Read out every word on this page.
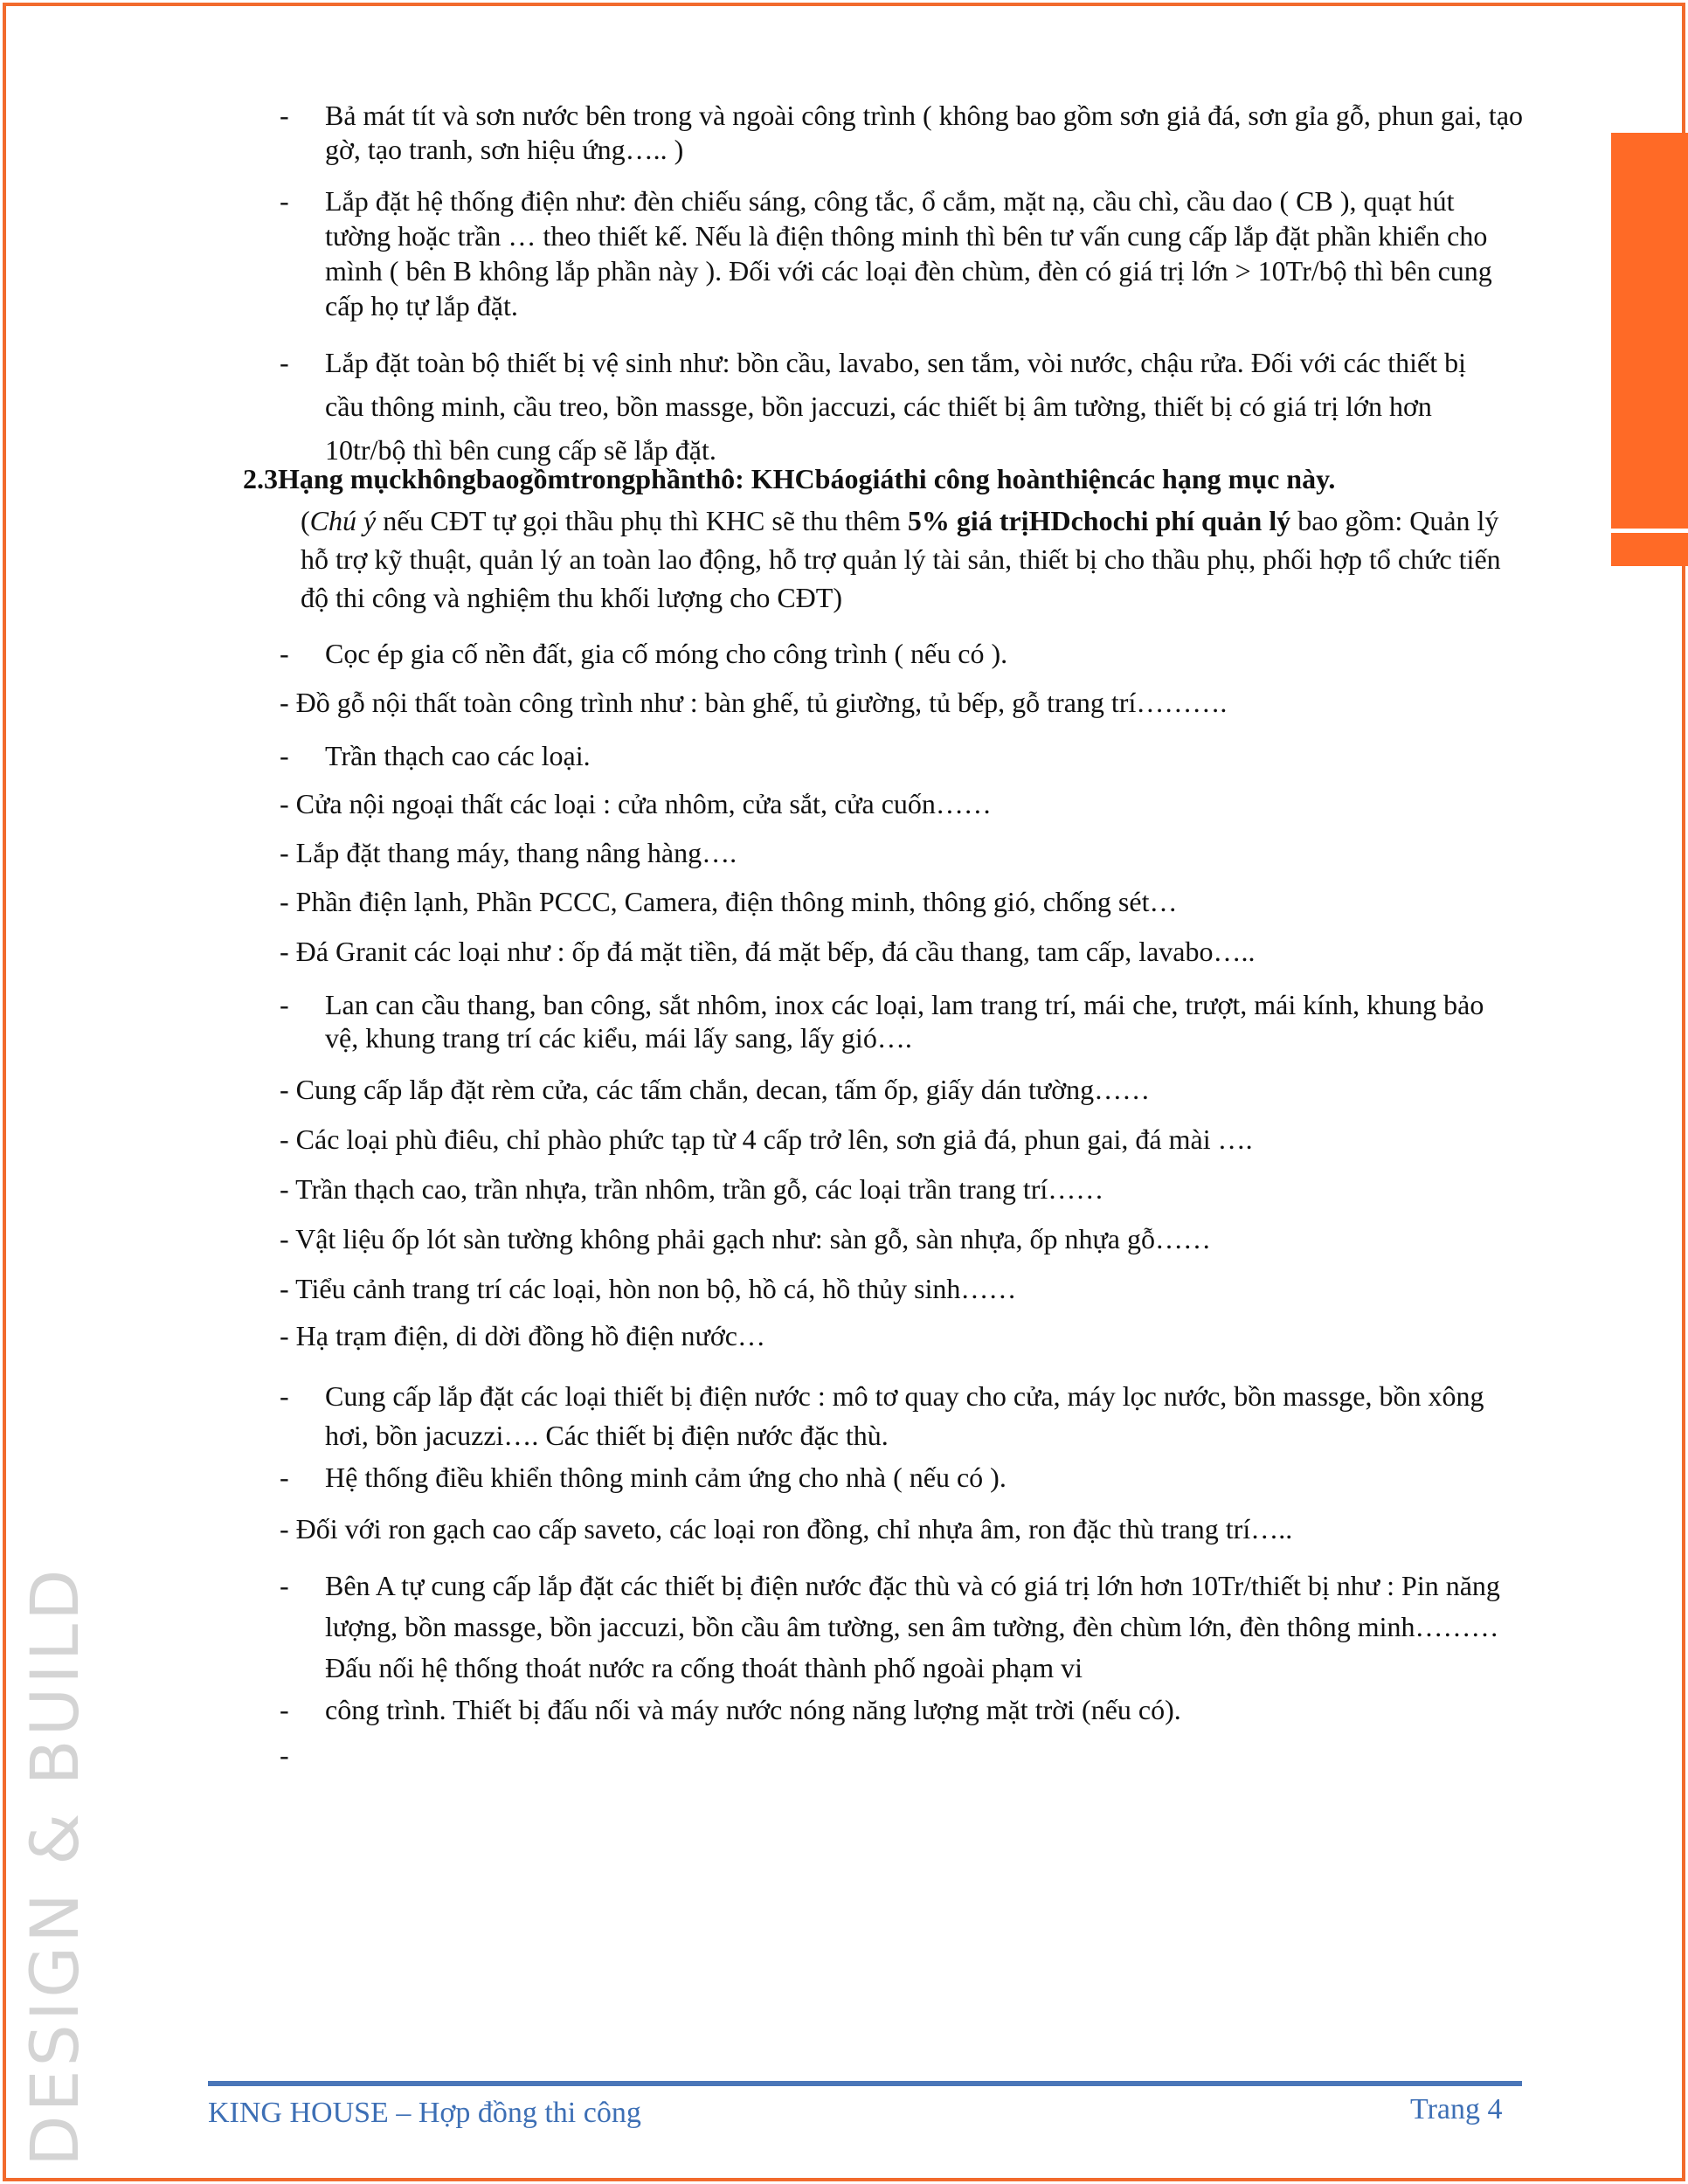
DESIGN & BUILD
- Bả mát tít và sơn nước bên trong và ngoài công trình ( không bao gồm sơn giả đá, sơn gỉa gỗ, phun gai, tạo gờ, tạo tranh, sơn hiệu ứng….. )
- Lắp đặt hệ thống điện như: đèn chiếu sáng, công tắc, ổ cắm, mặt nạ, cầu chì, cầu dao ( CB ), quạt hút tường hoặc trần … theo thiết kế. Nếu là điện thông minh thì bên tư vấn cung cấp lắp đặt phần khiển cho mình ( bên B không lắp phần này ). Đối với các loại đèn chùm, đèn có giá trị lớn > 10Tr/bộ thì bên cung cấp họ tự lắp đặt.
- Lắp đặt toàn bộ thiết bị vệ sinh như: bồn cầu, lavabo, sen tắm, vòi nước, chậu rửa. Đối với các thiết bị cầu thông minh, cầu treo, bồn massge, bồn jaccuzi, các thiết bị âm tường, thiết bị có giá trị lớn hơn 10tr/bộ thì bên cung cấp sẽ lắp đặt.
2.3Hạng mụckhôngbaogồmtrongphầnthô: KHCbáogiáthi công hoànthiệncác hạng mục này.
(Chú ý nếu CĐT tự gọi thầu phụ thì KHC sẽ thu thêm 5% giá trịHDchochi phí quản lý bao gồm: Quản lý hỗ trợ kỹ thuật, quản lý an toàn lao động, hỗ trợ quản lý tài sản, thiết bị cho thầu phụ, phối hợp tổ chức tiến độ thi công và nghiệm thu khối lượng cho CĐT)
- Cọc ép gia cố nền đất, gia cố móng cho công trình ( nếu có ).
- Đồ gỗ nội thất toàn công trình như : bàn ghế, tủ giường, tủ bếp, gỗ trang trí……….
- Trần thạch cao các loại.
- Cửa nội ngoại thất các loại : cửa nhôm, cửa sắt, cửa cuốn……
- Lắp đặt thang máy, thang nâng hàng….
- Phần điện lạnh, Phần PCCC, Camera, điện thông minh, thông gió, chống sét…
- Đá Granit các loại như : ốp đá mặt tiền, đá mặt bếp, đá cầu thang, tam cấp, lavabo…..
- Lan can cầu thang, ban công, sắt nhôm, inox các loại, lam trang trí, mái che, trượt, mái kính, khung bảo vệ, khung trang trí các kiểu, mái lấy sang, lấy gió….
- Cung cấp lắp đặt rèm cửa, các tấm chắn, decan, tấm ốp, giấy dán tường……
- Các loại phù điêu, chỉ phào phức tạp từ 4 cấp trở lên, sơn giả đá, phun gai, đá mài ….
- Trần thạch cao, trần nhựa, trần nhôm, trần gỗ, các loại trần trang trí……
- Vật liệu ốp lót sàn tường không phải gạch như: sàn gỗ, sàn nhựa, ốp nhựa gỗ……
- Tiểu cảnh trang trí các loại, hòn non bộ, hồ cá, hồ thủy sinh……
- Hạ trạm điện, di dời đồng hồ điện nước…
- Cung cấp lắp đặt các loại thiết bị điện nước : mô tơ quay cho cửa, máy lọc nước, bồn massge, bồn xông hơi, bồn jacuzzi…. Các thiết bị điện nước đặc thù.
- Hệ thống điều khiển thông minh cảm ứng cho nhà ( nếu có ).
- Đối với ron gạch cao cấp saveto, các loại ron đồng, chỉ nhựa âm, ron đặc thù trang trí…..
- Bên A tự cung cấp lắp đặt các thiết bị điện nước đặc thù và có giá trị lớn hơn 10Tr/thiết bị như : Pin năng lượng, bồn massge, bồn jaccuzi, bồn cầu âm tường, sen âm tường, đèn chùm lớn, đèn thông minh……… Đấu nối hệ thống thoát nước ra cống thoát thành phố ngoài phạm vi
- công trình. Thiết bị đấu nối và máy nước nóng năng lượng mặt trời (nếu có).
-
KING HOUSE – Hợp đồng thi công	Trang 4
